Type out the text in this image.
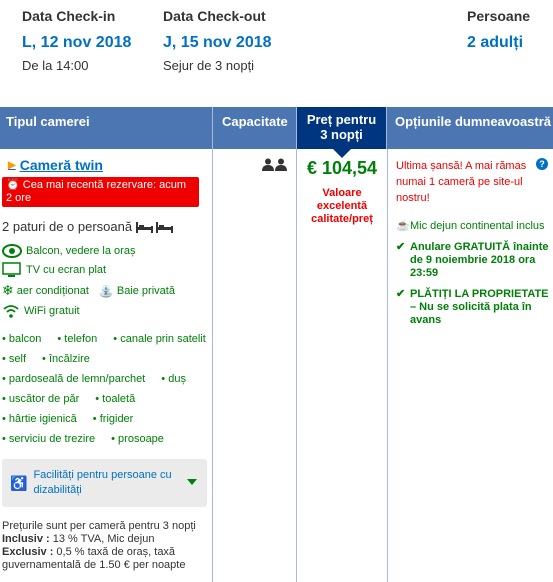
Data Check-in
L, 12 nov 2018
De la 14:00
Data Check-out
J, 15 nov 2018
Sejur de 3 nopți
Persoane
2 adulți
Tipul camerei	Capacitate	Preț pentru
3 nopți
Opțiunile dumneavoastră
▶ Cameră twin
⏰ Cea mai recentă rezervare: acum 2 ore
2 paturi de o persoană
Balcon, vedere la oraș
TV cu ecran plat
❄ aer condiționat ⛲ Baie privată
WiFi gratuit
• balcon • telefon • canale prin satelit
• self • încălzire
• pardoseală de lemn/parchet • duș
• uscător de păr • toaletă
• hârtie igienică • frigider
• serviciu de trezire • prosoape
♿ Facilități pentru persoane cu dizabilități
Prețurile sunt per cameră pentru 3 nopți
Inclusiv : 13 % TVA, Mic dejun
Exclusiv : 0,5 % taxă de oraș, taxă guvernamentală de 1.50 € per noapte
€ 104,54
Valoare excelentă calitate/preț
Ultima șansă! A mai rămas numai 1 cameră pe site-ul nostru!
?
☕ Mic dejun continental inclus
✔ Anulare GRATUITĂ înainte de 9 noiembrie 2018 ora 23:59
✔ PLĂTIȚI LA PROPRIETATE – Nu se solicită plata în avans
